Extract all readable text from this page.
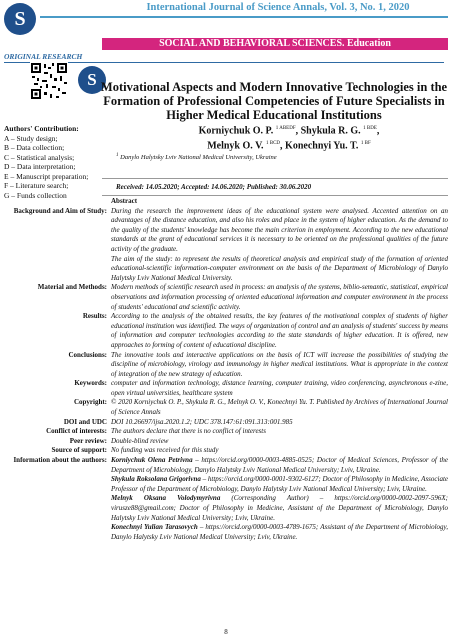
S
International Journal of Science Annals, Vol. 3, No. 1, 2020
SOCIAL AND BEHAVIORAL SCIENCES. Education
ORIGINAL RESEARCH
S Motivational Aspects and Modern Innovative Technologies in the Formation of Professional Competencies of Future Specialists in Higher Medical Educational Institutions
Authors' Contribution:
A – Study design;
B – Data collection;
C – Statistical analysis;
D – Data interpretation;
E – Manuscript preparation;
F – Literature search;
G – Funds collection
Korniychuk O. P. $^{1 ABEDF}$, Shykula R. G. $^{1 BDE}$,
Melnyk O. V. $^{1 BCD}$, Konechnyi Yu. T. $^{1 BF}$
$^1$ Danylo Halytsky Lviv National Medical University, Ukraine
Received: 14.05.2020; Accepted: 14.06.2020; Published: 30.06.2020
Abstract
Background and Aim of Study: During the research the improvement ideas of the educational system were analysed. Accented attention on an advantages of the distance education, and also his roles and place in the system of higher education. As the demand to the quality of the students' knowledge has become the main criterion in employment. According to the new educational standards at the grant of educational services it is necessary to be oriented on the professional qualities of the future activity of the graduate.
The aim of the study: to represent the results of theoretical analysis and empirical study of the formation of oriented educational-scientific information-computer environment on the basis of the Department of Microbiology of Danylo Halytsky Lviv National Medical University.
Material and Methods: Modern methods of scientific research used in process: an analysis of the systems, biblio-semantic, statistical, empirical observations and information processing of oriented educational information and computer environment in the process of students' educational and scientific activity.
Results: According to the analysis of the obtained results, the key features of the motivational complex of students of higher educational institution was identified. The ways of organization of control and an analysis of students' success by means of information and computer technologies according to the state standards of higher education. It is offered, new approaches to forming of content of educational discipline.
Conclusions: The innovative tools and interactive applications on the basis of ICT will increase the possibilities of studying the discipline of microbiology, virology and immunology in higher medical institutions. What is appropriate in the context of integration of the new strategy of education.
Keywords: computer and information technology, distance learning, computer training, video conferencing, asynchronous e-zine, open virtual universities, healthcare system
Copyright: © 2020 Korniychuk O. P., Shykula R. G., Melnyk O. V., Konechnyi Yu. T. Published by Archives of International Journal of Science Annals
DOI and UDC DOI 10.26697/ijsa.2020.1.2; UDC 378.147:61:091.313:001.985
Conflict of interests: The authors declare that there is no conflict of interests
Peer review: Double-blind review
Source of support: No funding was received for this study
Information about the authors: Korniychuk Olena Petrivna – https://orcid.org/0000-0003-4885-0525; Doctor of Medical Sciences, Professor of the Department of Microbiology, Danylo Halytsky Lviv National Medical University; Lviv, Ukraine.
Shykula Roksolana Grigorivna – https://orcid.org/0000-0001-9302-6127; Doctor of Philosophy in Medicine, Associate Professor of the Department of Microbiology, Danylo Halytsky Lviv National Medical University; Lviv, Ukraine.
Melnyk Oksana Volodymyrivna (Corresponding Author) – https://orcid.org/0000-0002-2097-596X; virusze88@gmail.com; Doctor of Philosophy in Medicine, Assistant of the Department of Microbiology, Danylo Halytsky Lviv National Medical University; Lviv, Ukraine.
Konechnyi Yulian Tarasovych – https://orcid.org/0000-0003-4789-1675; Assistant of the Department of Microbiology, Danylo Halytsky Lviv National Medical University; Lviv, Ukraine.
8
